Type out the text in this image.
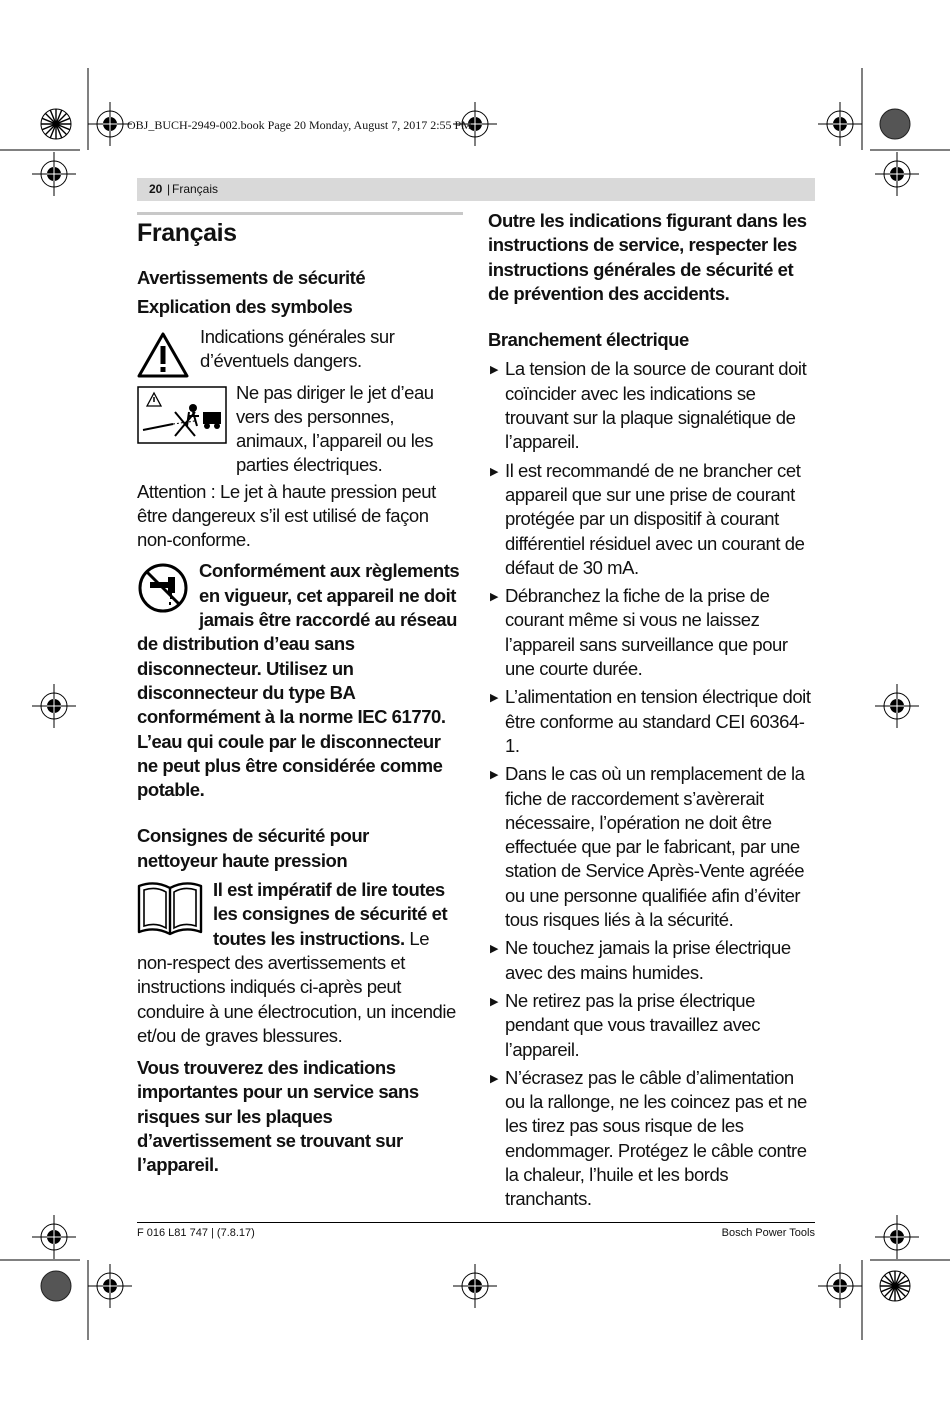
OBJ_BUCH-2949-002.book Page 20 Monday, August 7, 2017 2:55 PM
20 | Français
Français
Avertissements de sécurité
Explication des symboles

Indications générales sur d’éventuels dangers.

Ne pas diriger le jet d’eau vers des personnes, animaux, l’appareil ou les parties électriques.

Attention : Le jet à haute pression peut être dangereux s’il est utilisé de façon non-conforme.

Conformément aux règlements en vigueur, cet appareil ne doit jamais être raccordé au réseau de distribution d’eau sans disconnecteur. Utilisez un disconnecteur du type BA conformément à la norme IEC 61770. L’eau qui coule par le disconnecteur ne peut plus être considérée comme potable.

Consignes de sécurité pour nettoyeur haute pression

Il est impératif de lire toutes les consignes de sécurité et toutes les instructions. Le non-respect des avertissements et instructions indiqués ci-après peut conduire à une électrocution, un incendie et/ou de graves blessures.

Vous trouverez des indications importantes pour un service sans risques sur les plaques d’avertissement se trouvant sur l’appareil.

Outre les indications figurant dans les instructions de service, respecter les instructions générales de sécurité et de prévention des accidents.

Branchement électrique
▶ La tension de la source de courant doit coïncider avec les indications se trouvant sur la plaque signalétique de l’appareil.
▶ Il est recommandé de ne brancher cet appareil que sur une prise de courant protégée par un dispositif à courant différentiel résiduel avec un courant de défaut de 30 mA.
▶ Débranchez la fiche de la prise de courant même si vous ne laissez l’appareil sans surveillance que pour une courte durée.
▶ L’alimentation en tension électrique doit être conforme au standard CEI 60364-1.
▶ Dans le cas où un remplacement de la fiche de raccordement s’avèrerait nécessaire, l’opération ne doit être effectuée que par le fabricant, par une station de Service Après-Vente agréée ou une personne qualifiée afin d’éviter tous risques liés à la sécurité.
▶ Ne touchez jamais la prise électrique avec des mains humides.
▶ Ne retirez pas la prise électrique pendant que vous travaillez avec l’appareil.
▶ N’écrasez pas le câble d’alimentation ou la rallonge, ne les coincez pas et ne les tirez pas sous risque de les endommager. Protégez le câble contre la chaleur, l’huile et les bords tranchants.
F 016 L81 747 | (7.8.17)	Bosch Power Tools
